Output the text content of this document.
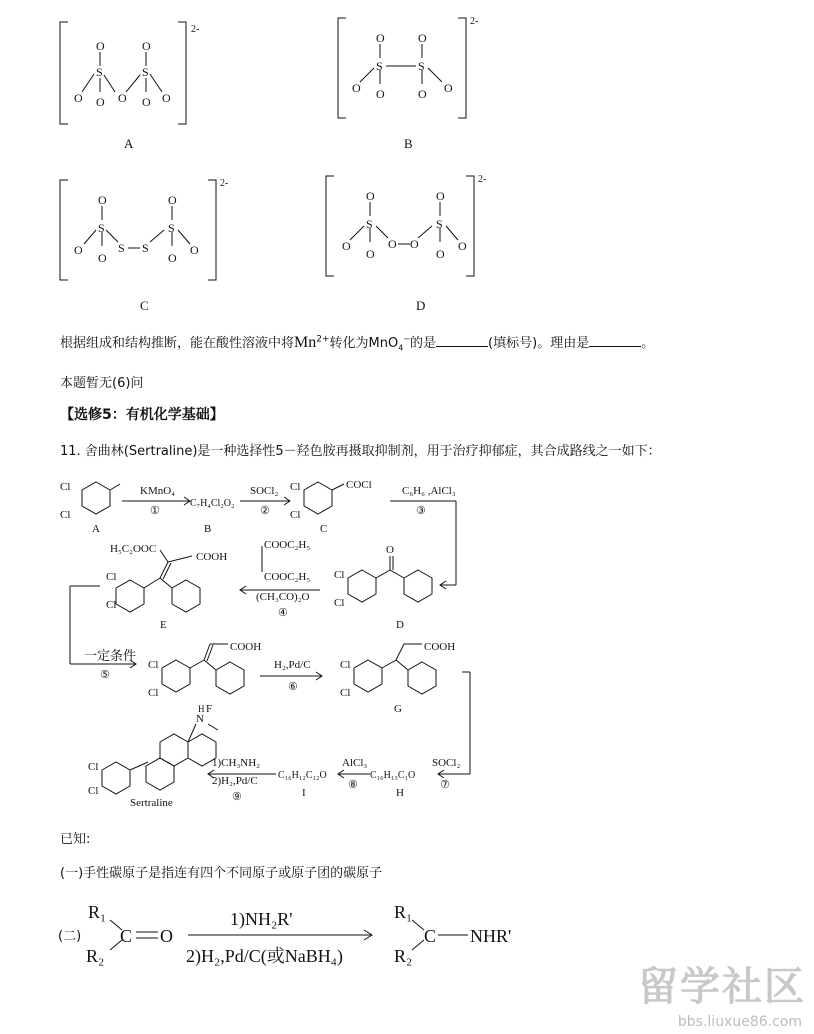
O
S
O O O
O
S
O O
2-
A
O
S
O O
O
S
O O
2-
B
O
S
O
O
S S
O
S
O
O
2-
C
O
S
O
O
O O
O
S
O
O
2-
D
Cl
Cl
A
KMnO₄
①
C₇H₄Cl₂O₂
B
SOCl₂
②
Cl
Cl
COCl
C
C₆H₆ ,AlCl₃
③
O
Cl
Cl
D
COOC₂H₅
COOC₂H₅
(CH₃CO)₂O
④
H₅C₂OOC
COOH
Cl
Cl
E
一定条件
⑤
COOH
Cl
Cl
F
H₂,Pd/C
⑥
COOH
Cl
Cl
G
SOCl₂
⑦
C₁₆H₁₃C₁O
H
AlCl₃
⑧
C₁₆H₁₂C₁₂O
I
1)CH₃NH₂
2)H₂,Pd/C
⑨
N
H
Cl
Cl
Sertraline
(⼆)
R₁
R₂
C O
1)NH₂R'
2)H₂,Pd/C(或NaBH₄)
R₁
R₂
C NHR'
根据组成和结构推断，能在酸性溶液中将$Mn^{2+}$转化为MnO$_4$−的是	(填标号)。理由是	。
本题暂无(6)问
【选修5：有机化学基础】
11. 舍曲林(Sertraline)是一种选择性5－羟色胺再摄取抑制剂，用于治疗抑郁症，其合成路线之一如下：
已知:
(⼀)手性碳原子是指连有四个不同原子或原子团的碳原子
留学社区
bbs.liuxue86.com
